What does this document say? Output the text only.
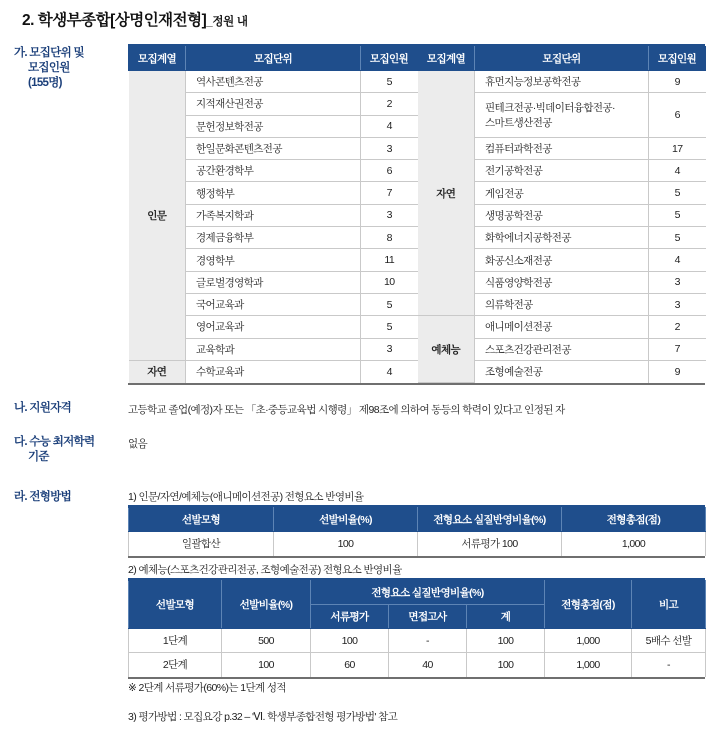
2. 학생부종합[상명인재전형]_정원 내
가. 모집단위 및
모집인원
(155명)
모집계열	모집단위	모집인원
인문	역사콘텐츠전공	5
	지적재산권전공	2
	문헌정보학전공	4
	한일문화콘텐츠전공	3
	공간환경학부	6
	행정학부	7
	가족복지학과	3
	경제금융학부	8
	경영학부	11
	글로벌경영학과	10
	국어교육과	5
	영어교육과	5
	교육학과	3
자연	수학교육과	4
모집계열	모집단위	모집인원
자연	휴먼지능정보공학전공	9
	핀테크전공·빅데이터융합전공·
스마트생산전공	6
	컴퓨터과학전공	17
	전기공학전공	4
	게임전공	5
	생명공학전공	5
	화학에너지공학전공	5
	화공신소재전공	4
	식품영양학전공	3
	의류학전공	3
예체능	애니메이션전공	2
	스포츠건강관리전공	7
	조형예술전공	9
나. 지원자격	고등학교 졸업(예정)자 또는 「초·중등교육법 시행령」 제98조에 의하여 동등의 학력이 있다고 인정된 자
다. 수능 최저학력
기준
없음
라. 전형방법	1) 인문/자연/예체능(애니메이션전공) 전형요소 반영비율
선발모형	선발비율(%)	전형요소 실질반영비율(%)	전형총점(점)
일괄합산	100	서류평가 100	1,000
2) 예체능(스포츠건강관리전공, 조형예술전공) 전형요소 반영비율
선발모형	선발비율(%)	전형요소 실질반영비율(%)			전형총점(점)	비고
		서류평가	면접고사	계		
1단계	500	100	-	100	1,000	5배수 선발
2단계	100	60	40	100	1,000	-
※ 2단계 서류평가(60%)는 1단계 성적
3) 평가방법 : 모집요강 p.32 – 'Ⅵ. 학생부종합전형 평가방법' 참고
